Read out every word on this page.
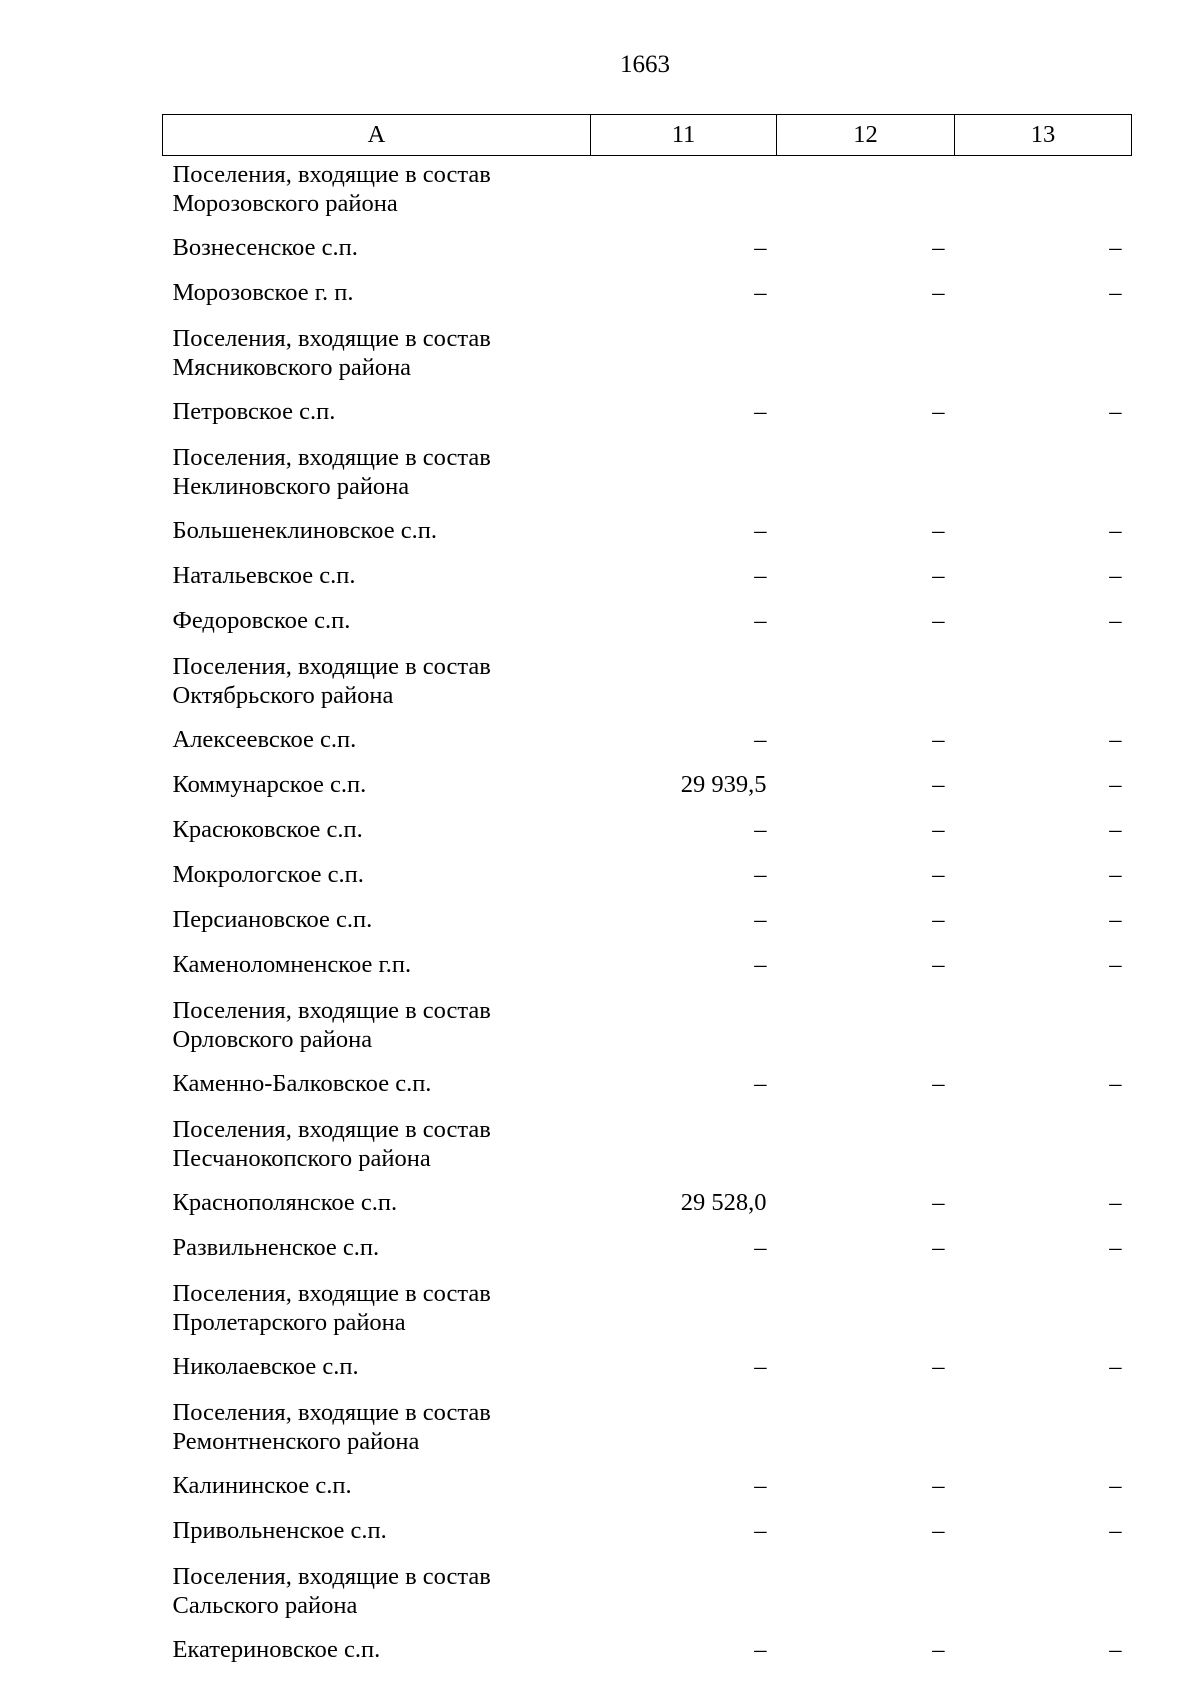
1663
А	11	12	13
Поселения, входящие в состав Морозовского района			
Вознесенское с.п.	–	–	–
Морозовское г. п.	–	–	–
Поселения, входящие в состав Мясниковского района			
Петровское с.п.	–	–	–
Поселения, входящие в состав Неклиновского района			
Большенеклиновское с.п.	–	–	–
Натальевское с.п.	–	–	–
Федоровское с.п.	–	–	–
Поселения, входящие в состав Октябрьского района			
Алексеевское с.п.	–	–	–
Коммунарское с.п.	29 939,5	–	–
Красюковское с.п.	–	–	–
Мокрологское с.п.	–	–	–
Персиановское с.п.	–	–	–
Каменоломненское г.п.	–	–	–
Поселения, входящие в состав Орловского района			
Каменно-Балковское с.п.	–	–	–
Поселения, входящие в состав Песчанокопского района			
Краснополянское с.п.	29 528,0	–	–
Развильненское с.п.	–	–	–
Поселения, входящие в состав Пролетарского района			
Николаевское с.п.	–	–	–
Поселения, входящие в состав Ремонтненского района			
Калининское с.п.	–	–	–
Привольненское с.п.	–	–	–
Поселения, входящие в состав Сальского района			
Екатериновское с.п.	–	–	–
